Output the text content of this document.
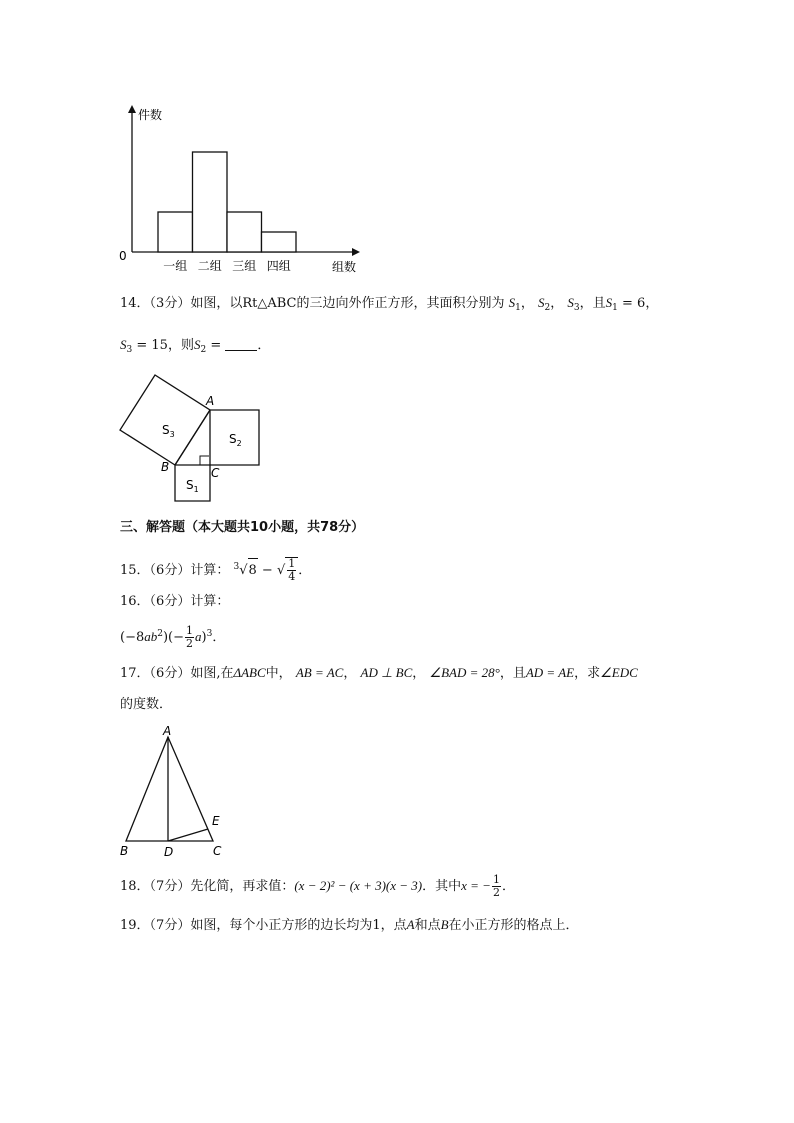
件数
0
组数
一组 二组 三组 四组
14．（3分）如图，以Rt△ABC的三边向外作正方形，其面积分别为 $S_1$， $S_2$， $S_3$，且$S_1 = 6$，
$S_3 = 15$，则$S_2$ =	．
A
B	C
$S_3$	$S_2$
$S_1$
三、解答题（本大题共10小题，共78分）
15．（6分）计算： $^3$√8 − √ $\frac{1}{4}$ ．
16．（6分）计算：
$(-8ab^2)(- \frac{1}{2} a)^3$．
17．（6分）如图,在ΔABC中， AB = AC， AD ⊥ BC， ∠BAD = 28°，且AD = AE，求∠EDC
的度数．
A
B	D	C
E
18．（7分）先化简，再求值：(x − 2)² − (x + 3)(x − 3)．其中x = − $\frac{1}{2}$ ．
19．（7分）如图，每个小正方形的边长均为1，点A和点B在小正方形的格点上．
